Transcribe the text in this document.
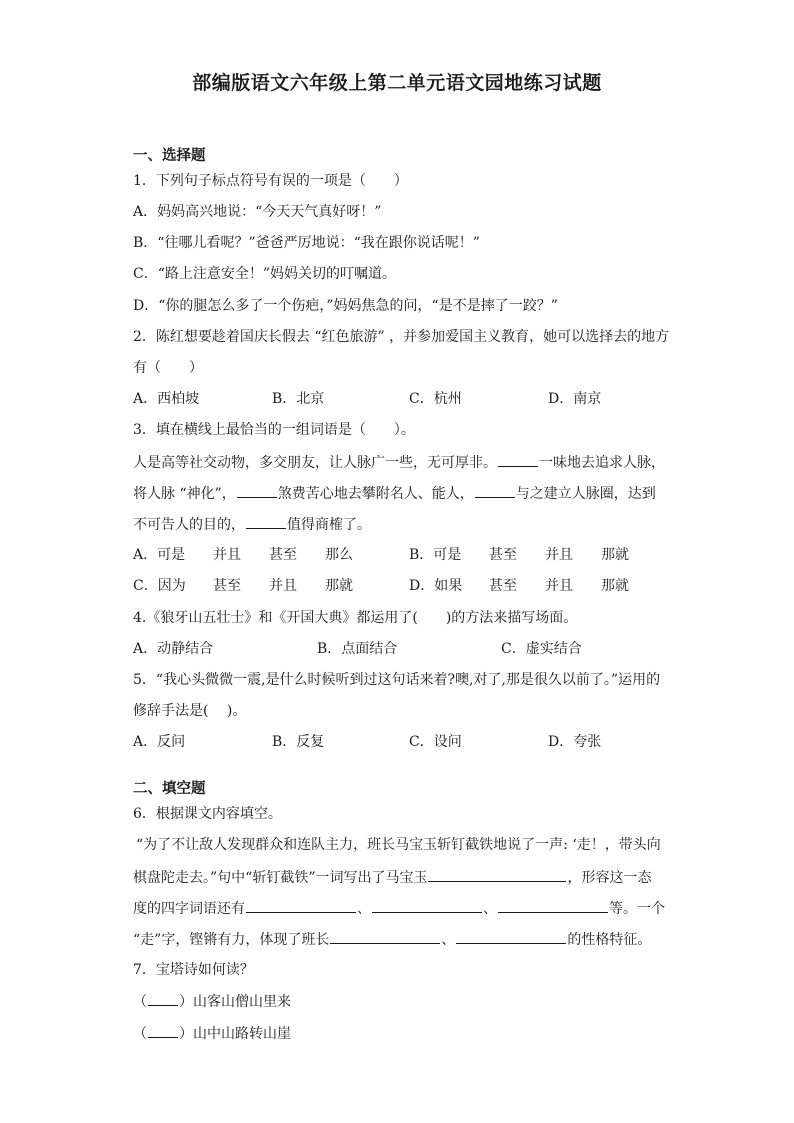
部编版语文六年级上第二单元语文园地练习试题
一、选择题
1．下列句子标点符号有误的一项是（　　）
A．妈妈高兴地说：“今天天气真好呀！”
B．“往哪儿看呢？”爸爸严厉地说：“我在跟你说话呢！”
C．“路上注意安全！”妈妈关切的叮嘱道。
D．“你的腿怎么多了一个伤疤，”妈妈焦急的问，“是不是摔了一跤？”
2．陈红想要趁着国庆长假去 “红色旅游” ，并参加爱国主义教育，她可以选择去的地方
有（　　）
A．西柏坡	B．北京	C．杭州	D．南京
3．填在横线上最恰当的一组词语是（　　）。
人是高等社交动物，多交朋友，让人脉广一些，无可厚非。	一味地去追求人脉，
将人脉 “神化”，	煞费苦心地去攀附名人、能人，	与之建立人脉圈，达到
不可告人的目的，	值得商榷了。
A．可是 并且 甚至 那么	B．可是 甚至 并且 那就
C．因为 甚至 并且 那就	D．如果 甚至 并且 那就
4.《狼牙山五壮士》和《开国大典》都运用了(　　)的方法来描写场面。
A．动静结合	B．点面结合	C．虚实结合
5．“我心头微微一震,是什么时候听到过这句话来着?噢,对了,那是很久以前了。”运用的
修辞手法是(　 )。
A．反问	B．反复	C．设问	D．夸张
二、填空题
6．根据课文内容填空。
“为了不让敌人发现群众和连队主力，班长马宝玉斩钉截铁地说了一声: ‘走！，带头向
棋盘陀走去。”句中“斩钉截铁”一词写出了马宝玉	，形容这一态
度的四字词语还有	、	、	等。一个
“走”字，铿锵有力，体现了班长	、	的性格特征。
7．宝塔诗如何读？
（ ）山客山僧山里来
（ ）山中山路转山崖
